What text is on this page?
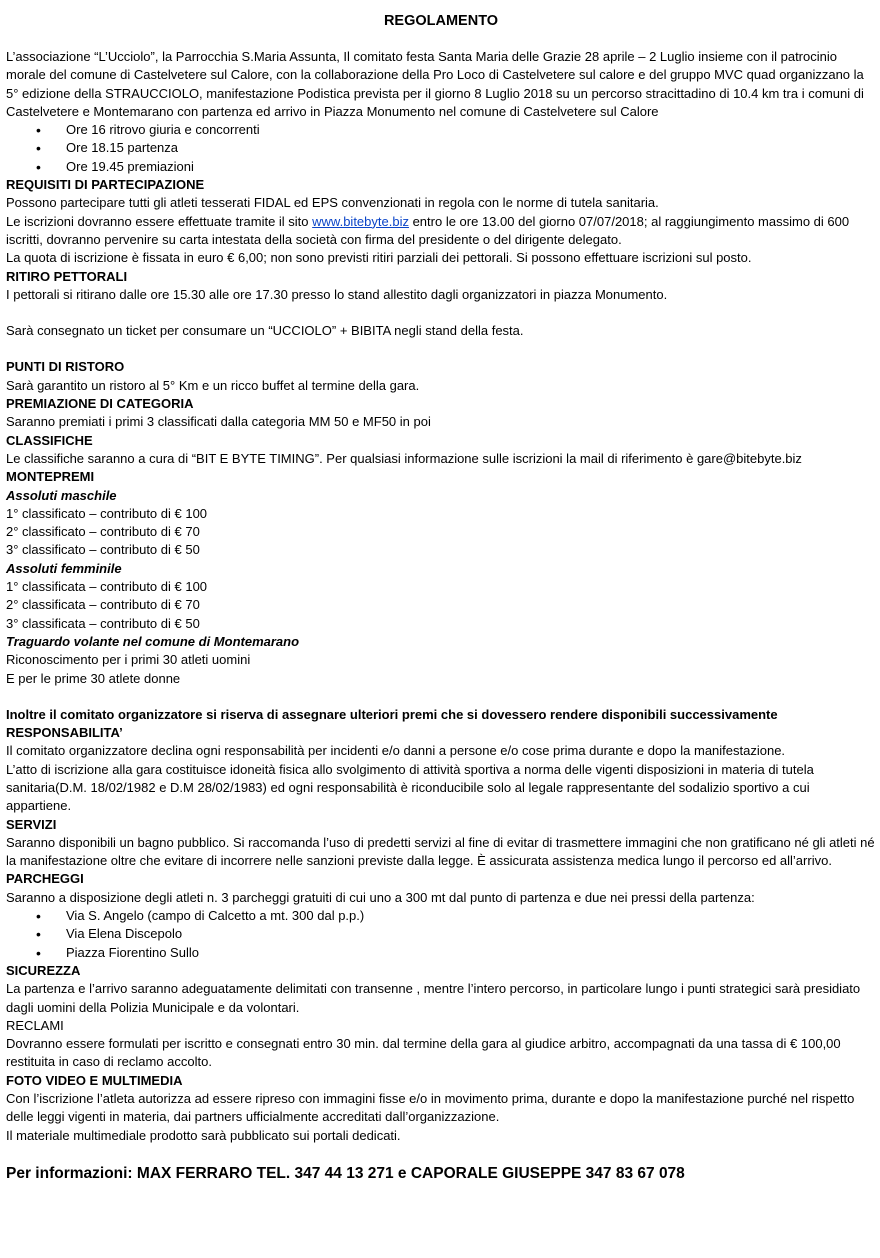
REGOLAMENTO

L’associazione “L’Ucciolo”, la Parrocchia S.Maria Assunta, Il comitato festa Santa Maria delle Grazie 28 aprile – 2 Luglio insieme con il patrocinio morale del comune di Castelvetere sul Calore, con la collaborazione della Pro Loco di Castelvetere sul calore e del gruppo MVC quad organizzano la 5° edizione della STRAUCCIOLO, manifestazione Podistica prevista per il giorno 8 Luglio 2018 su un percorso stracittadino di 10.4 km tra i comuni di Castelvetere e Montemarano con partenza ed arrivo in Piazza Monumento nel comune di Castelvetere sul Calore

• Ore 16 ritrovo giuria e concorrenti
• Ore 18.15 partenza
• Ore 19.45 premiazioni

REQUISITI DI PARTECIPAZIONE

Possono partecipare tutti gli atleti tesserati FIDAL ed EPS convenzionati in regola con le norme di tutela sanitaria.

Le iscrizioni dovranno essere effettuate tramite il sito www.bitebyte.biz entro le ore 13.00 del giorno 07/07/2018; al raggiungimento massimo di 600 iscritti, dovranno pervenire su carta intestata della società con firma del presidente o del dirigente delegato.

La quota di iscrizione è fissata in euro € 6,00; non sono previsti ritiri parziali dei pettorali. Si possono effettuare iscrizioni sul posto.

RITIRO PETTORALI

I pettorali si ritirano dalle ore 15.30 alle ore 17.30 presso lo stand allestito dagli organizzatori in piazza Monumento.

Sarà consegnato un ticket per consumare un “UCCIOLO” + BIBITA negli stand della festa.

PUNTI DI RISTORO

Sarà garantito un ristoro al 5° Km e un ricco buffet al termine della gara.

PREMIAZIONE DI CATEGORIA

Saranno premiati i primi 3 classificati dalla categoria MM 50 e MF50 in poi

CLASSIFICHE

Le classifiche saranno a cura di “BIT E BYTE TIMING”. Per qualsiasi informazione sulle iscrizioni la mail di riferimento è gare@bitebyte.biz

MONTEPREMI

Assoluti maschile

1° classificato – contributo di € 100

2° classificato – contributo di € 70

3° classificato – contributo di € 50

Assoluti femminile

1° classificata – contributo di € 100

2° classificata – contributo di € 70

3° classificata – contributo di € 50

Traguardo volante nel comune di Montemarano

Riconoscimento per i primi 30 atleti uomini

E per le prime 30 atlete donne

Inoltre il comitato organizzatore si riserva di assegnare ulteriori premi che si dovessero rendere disponibili successivamente

RESPONSABILITA’

Il comitato organizzatore declina ogni responsabilità per incidenti e/o danni a persone e/o cose prima durante e dopo la manifestazione.

L’atto di iscrizione alla gara costituisce idoneità fisica allo svolgimento di attività sportiva a norma delle vigenti disposizioni in materia di tutela sanitaria(D.M. 18/02/1982 e D.M 28/02/1983) ed ogni responsabilità è riconducibile solo al legale rappresentante del sodalizio sportivo a cui appartiene.

SERVIZI

Saranno disponibili un bagno pubblico. Si raccomanda l’uso di predetti servizi al fine di evitar di trasmettere immagini che non gratificano né gli atleti né la manifestazione oltre che evitare di incorrere nelle sanzioni previste dalla legge. È assicurata assistenza medica lungo il percorso ed all’arrivo.

PARCHEGGI

Saranno a disposizione degli atleti n. 3 parcheggi gratuiti di cui uno a 300 mt dal punto di partenza e due nei pressi della partenza:

• Via S. Angelo (campo di Calcetto a mt. 300 dal p.p.)
• Via Elena Discepolo
• Piazza Fiorentino Sullo

SICUREZZA

La partenza e l’arrivo saranno adeguatamente delimitati con transenne , mentre l’intero percorso, in particolare lungo i punti strategici sarà presidiato dagli uomini della Polizia Municipale e da volontari.

RECLAMI

Dovranno essere formulati per iscritto e consegnati entro 30 min. dal termine della gara al giudice arbitro, accompagnati da una tassa di € 100,00 restituita in caso di reclamo accolto.

FOTO VIDEO E MULTIMEDIA

Con l’iscrizione l’atleta autorizza ad essere ripreso con immagini fisse e/o in movimento prima, durante e dopo la manifestazione purché nel rispetto delle leggi vigenti in materia, dai partners ufficialmente accreditati dall’organizzazione.

Il materiale multimediale prodotto sarà pubblicato sui portali dedicati.

Per informazioni: MAX FERRARO TEL. 347 44 13 271 e CAPORALE GIUSEPPE 347 83 67 078
